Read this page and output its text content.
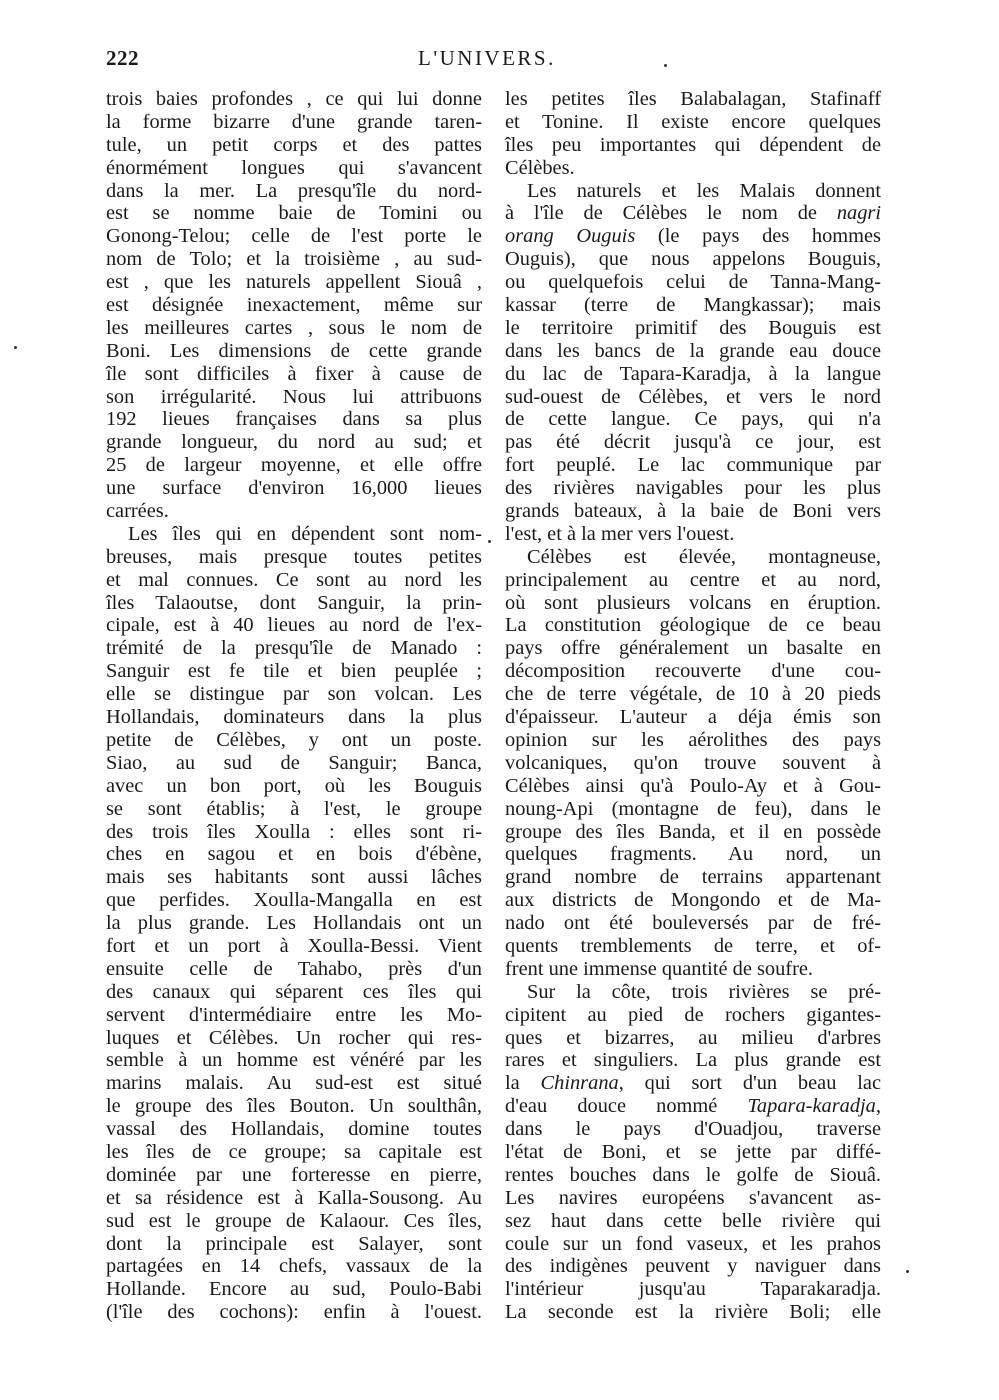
222	L'UNIVERS.
trois baies profondes , ce qui lui donne
la forme bizarre d'une grande taren-
tule, un petit corps et des pattes
énormément longues qui s'avancent
dans la mer. La presqu'île du nord-
est se nomme baie de Tomini ou
Gonong-Telou; celle de l'est porte le
nom de Tolo; et la troisième , au sud-
est , que les naturels appellent Siouâ ,
est désignée inexactement, même sur
les meilleures cartes , sous le nom de
Boni. Les dimensions de cette grande
île sont difficiles à fixer à cause de
son irrégularité. Nous lui attribuons
192 lieues françaises dans sa plus
grande longueur, du nord au sud; et
25 de largeur moyenne, et elle offre
une surface d'environ 16,000 lieues
carrées.
Les îles qui en dépendent sont nom-
breuses, mais presque toutes petites
et mal connues. Ce sont au nord les
îles Talaoutse, dont Sanguir, la prin-
cipale, est à 40 lieues au nord de l'ex-
trémité de la presqu'île de Manado :
Sanguir est fe tile et bien peuplée ;
elle se distingue par son volcan. Les
Hollandais, dominateurs dans la plus
petite de Célèbes, y ont un poste.
Siao, au sud de Sanguir; Banca,
avec un bon port, où les Bouguis
se sont établis; à l'est, le groupe
des trois îles Xoulla : elles sont ri-
ches en sagou et en bois d'ébène,
mais ses habitants sont aussi lâches
que perfides. Xoulla-Mangalla en est
la plus grande. Les Hollandais ont un
fort et un port à Xoulla-Bessi. Vient
ensuite celle de Tahabo, près d'un
des canaux qui séparent ces îles qui
servent d'intermédiaire entre les Mo-
luques et Célèbes. Un rocher qui res-
semble à un homme est vénéré par les
marins malais. Au sud-est est situé
le groupe des îles Bouton. Un soulthân,
vassal des Hollandais, domine toutes
les îles de ce groupe; sa capitale est
dominée par une forteresse en pierre,
et sa résidence est à Kalla-Sousong. Au
sud est le groupe de Kalaour. Ces îles,
dont la principale est Salayer, sont
partagées en 14 chefs, vassaux de la
Hollande. Encore au sud, Poulo-Babi
(l'île des cochons): enfin à l'ouest.
les petites îles Balabalagan, Stafinaff
et Tonine. Il existe encore quelques
îles peu importantes qui dépendent de
Célèbes.
Les naturels et les Malais donnent
à l'île de Célèbes le nom de nagri
orang Ouguis (le pays des hommes
Ouguis), que nous appelons Bouguis,
ou quelquefois celui de Tanna-Mang-
kassar (terre de Mangkassar); mais
le territoire primitif des Bouguis est
dans les bancs de la grande eau douce
du lac de Tapara-Karadja, à la langue
sud-ouest de Célèbes, et vers le nord
de cette langue. Ce pays, qui n'a
pas été décrit jusqu'à ce jour, est
fort peuplé. Le lac communique par
des rivières navigables pour les plus
grands bateaux, à la baie de Boni vers
l'est, et à la mer vers l'ouest.
Célèbes est élevée, montagneuse,
principalement au centre et au nord,
où sont plusieurs volcans en éruption.
La constitution géologique de ce beau
pays offre généralement un basalte en
décomposition recouverte d'une cou-
che de terre végétale, de 10 à 20 pieds
d'épaisseur. L'auteur a déja émis son
opinion sur les aérolithes des pays
volcaniques, qu'on trouve souvent à
Célèbes ainsi qu'à Poulo-Ay et à Gou-
noung-Api (montagne de feu), dans le
groupe des îles Banda, et il en possède
quelques fragments. Au nord, un
grand nombre de terrains appartenant
aux districts de Mongondo et de Ma-
nado ont été bouleversés par de fré-
quents tremblements de terre, et of-
frent une immense quantité de soufre.
Sur la côte, trois rivières se pré-
cipitent au pied de rochers gigantes-
ques et bizarres, au milieu d'arbres
rares et singuliers. La plus grande est
la Chinrana, qui sort d'un beau lac
d'eau douce nommé Tapara-karadja,
dans le pays d'Ouadjou, traverse
l'état de Boni, et se jette par diffé-
rentes bouches dans le golfe de Siouâ.
Les navires européens s'avancent as-
sez haut dans cette belle rivière qui
coule sur un fond vaseux, et les prahos
des indigènes peuvent y naviguer dans
l'intérieur jusqu'au Taparakaradja.
La seconde est la rivière Boli; elle
